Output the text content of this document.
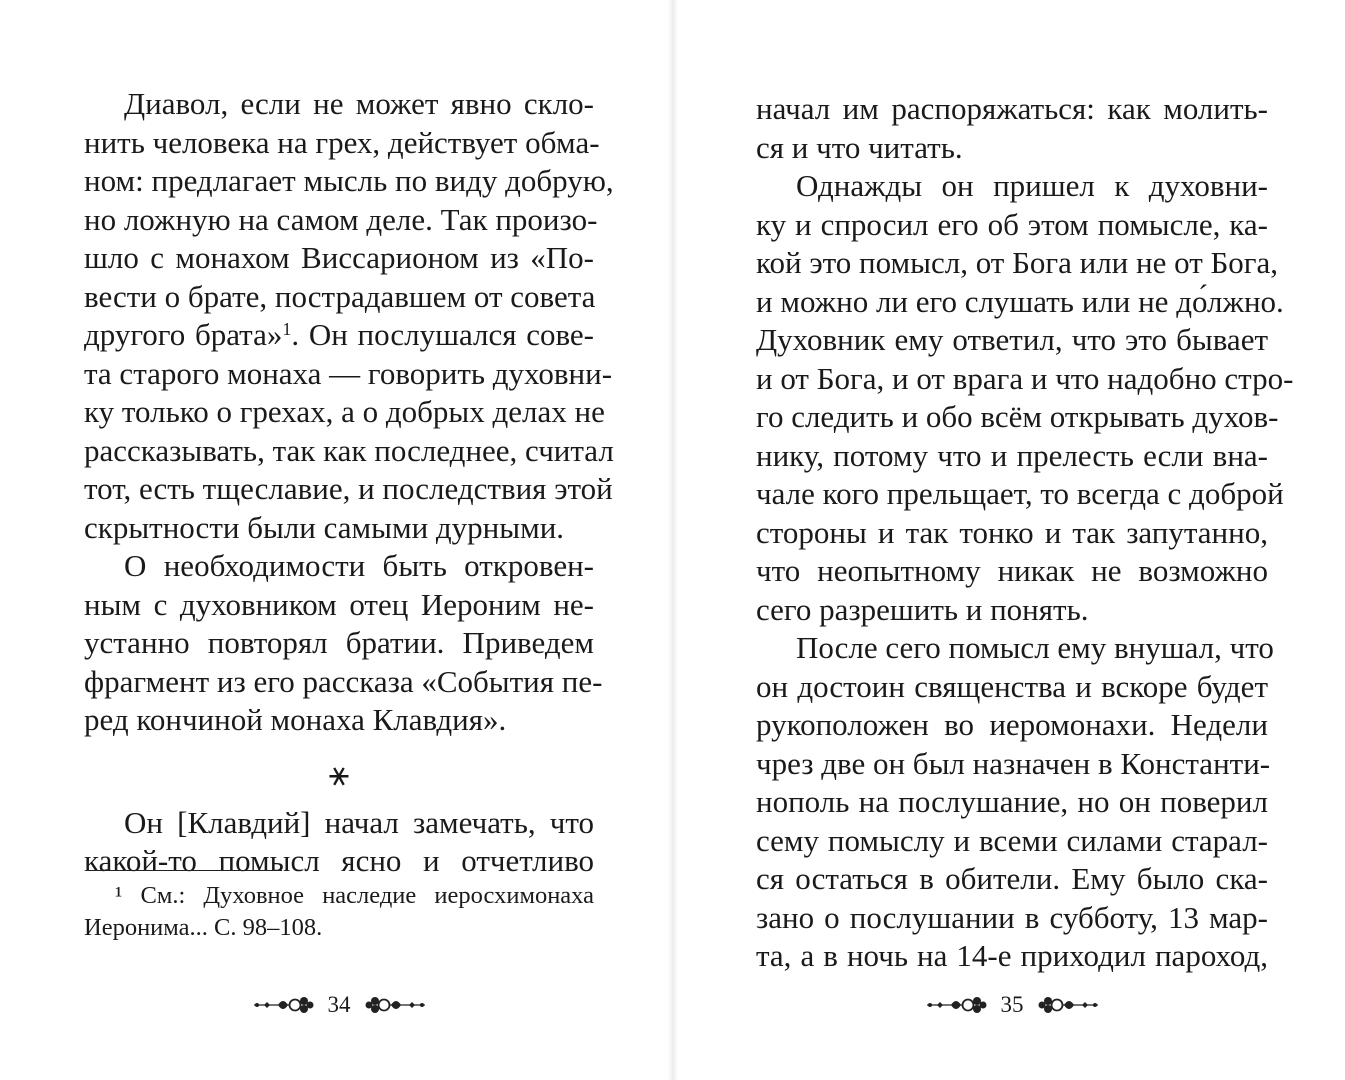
Диавол, если не может явно скло-
нить человека на грех, действует обма-
ном: предлагает мысль по виду добрую,
но ложную на самом деле. Так произо-
шло с монахом Виссарионом из «По-
вести о брате, пострадавшем от совета
другого брата»$^1$. Он послушался сове-
та старого монаха — говорить духовни-
ку только о грехах, а о добрых делах не
рассказывать, так как последнее, считал
тот, есть тщеславие, и последствия этой
скрытности были самыми дурными.
О необходимости быть откровен-
ным с духовником отец Иероним не-
устанно повторял братии. Приведем
фрагмент из его рассказа «События пе-
ред кончиной монаха Клавдия».
⚹
Он [Клавдий] начал замечать, что
какой-то помысл ясно и отчетливо
¹ См.: Духовное наследие иеросхимонаха
Иеронима... С. 98–108.
34
начал им распоряжаться: как молить-
ся и что читать.
Однажды он пришел к духовни-
ку и спросил его об этом помысле, ка-
кой это помысл, от Бога или не от Бога,
и можно ли его слушать или не до́лжно.
Духовник ему ответил, что это бывает
и от Бога, и от врага и что надобно стро-
го следить и обо всём открывать духов-
нику, потому что и прелесть если вна-
чале кого прельщает, то всегда с доброй
стороны и так тонко и так запутанно,
что неопытному никак не возможно
сего разрешить и понять.
После сего помысл ему внушал, что
он достоин священства и вскоре будет
рукоположен во иеромонахи. Недели
чрез две он был назначен в Константи-
нополь на послушание, но он поверил
сему помыслу и всеми силами старал-
ся остаться в обители. Ему было ска-
зано о послушании в субботу, 13 мар-
та, а в ночь на 14-е приходил пароход,
35
